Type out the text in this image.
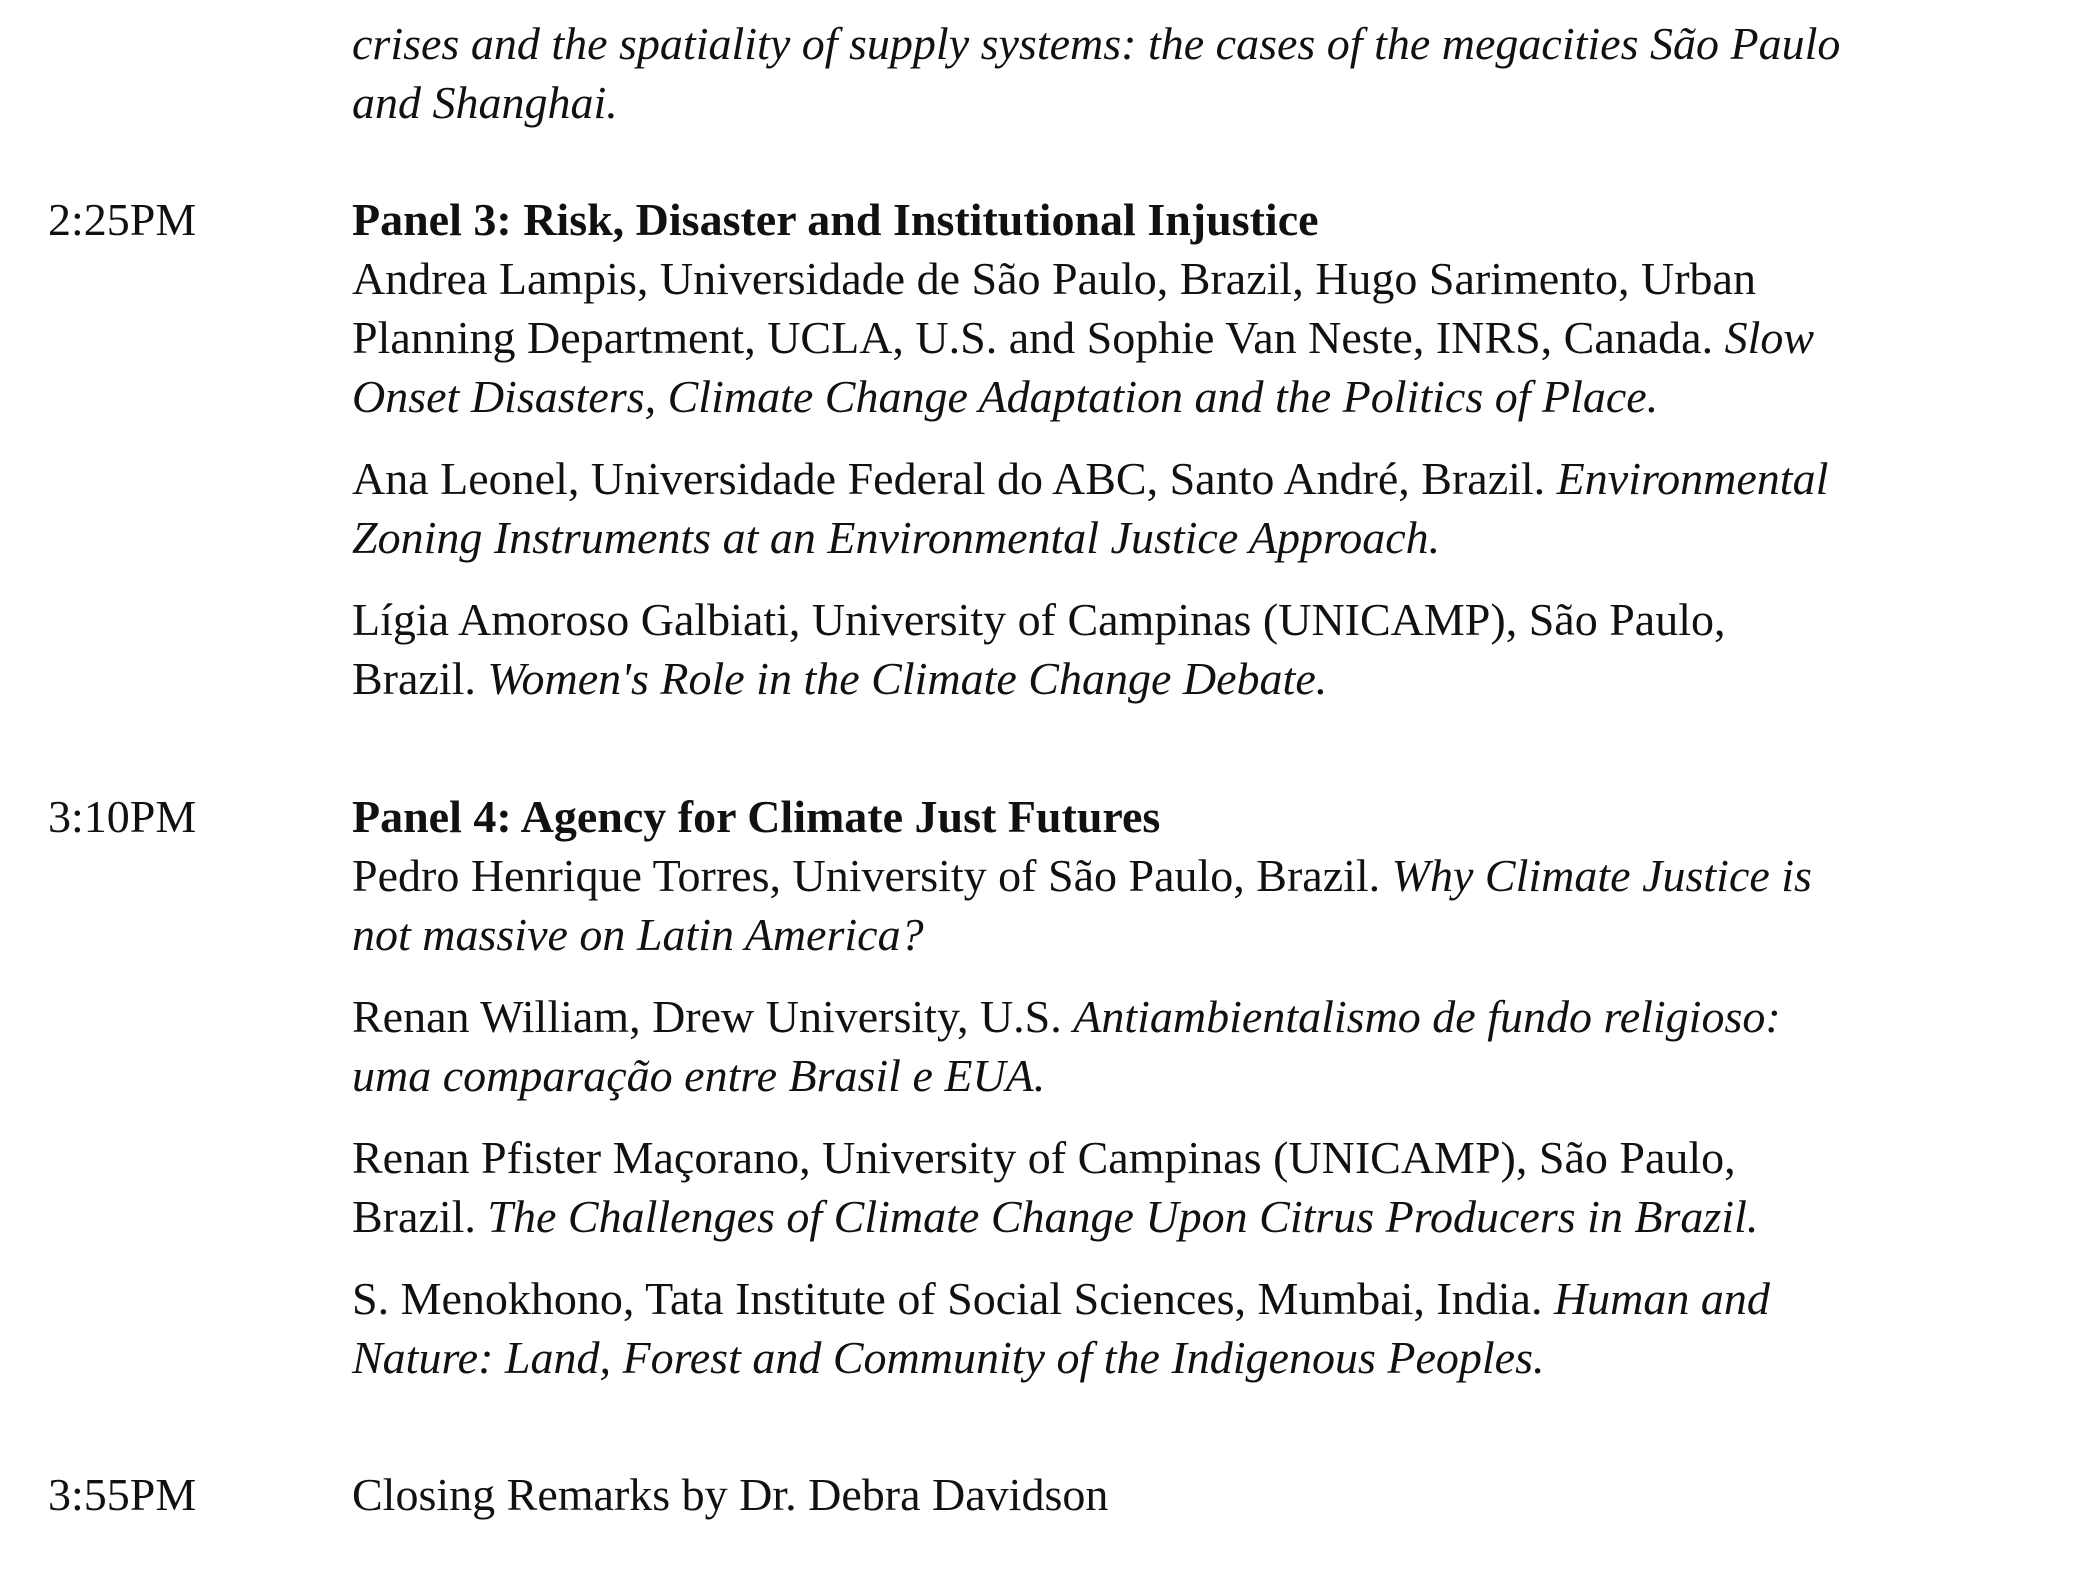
crises and the spatiality of supply systems: the cases of the megacities São Paulo
and Shanghai.
2:25PM	Panel 3: Risk, Disaster and Institutional Injustice
Andrea Lampis, Universidade de São Paulo, Brazil, Hugo Sarimento, Urban
Planning Department, UCLA, U.S. and Sophie Van Neste, INRS, Canada. Slow
Onset Disasters, Climate Change Adaptation and the Politics of Place.
Ana Leonel, Universidade Federal do ABC, Santo André, Brazil. Environmental
Zoning Instruments at an Environmental Justice Approach.
Lígia Amoroso Galbiati, University of Campinas (UNICAMP), São Paulo,
Brazil. Women's Role in the Climate Change Debate.
3:10PM	Panel 4: Agency for Climate Just Futures
Pedro Henrique Torres, University of São Paulo, Brazil. Why Climate Justice is
not massive on Latin America?
Renan William, Drew University, U.S. Antiambientalismo de fundo religioso:
uma comparação entre Brasil e EUA.
Renan Pfister Maçorano, University of Campinas (UNICAMP), São Paulo,
Brazil. The Challenges of Climate Change Upon Citrus Producers in Brazil.
S. Menokhono, Tata Institute of Social Sciences, Mumbai, India. Human and
Nature: Land, Forest and Community of the Indigenous Peoples.
3:55PM	Closing Remarks by Dr. Debra Davidson
